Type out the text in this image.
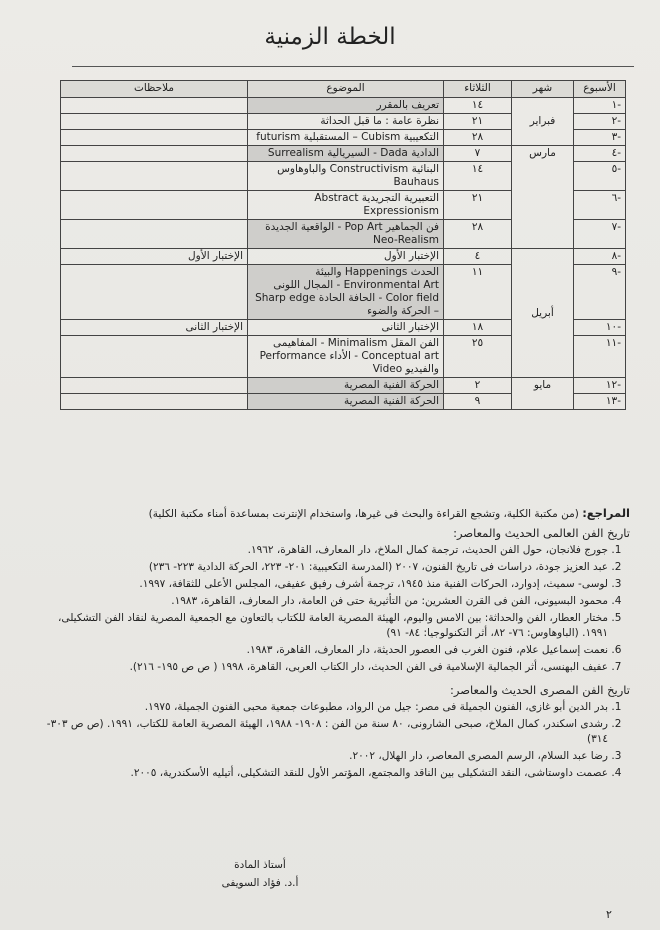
الخطة الزمنية
الأسبوع	شهر	الثلاثاء	الموضوع	ملاحظات
-١	فبراير	١٤	تعريف بالمقرر	
-٢		٢١	نظرة عامة : ما قبل الحداثة	
-٣		٢٨	التكعيبية Cubism – المستقبلية futurism	
-٤	مارس	٧	الدادية Dada - السيريالية Surrealism	
-٥		١٤	البنائية Constructivism والباوهاوس Bauhaus	
-٦		٢١	التعبيرية التجريدية Abstract Expressionism	
-٧		٢٨	فن الجماهير Pop Art - الواقعية الجديدة Neo-Realism	
-٨	أبريل	٤	الإختبار الأول	الإختبار الأول
-٩		١١	الحدث Happenings والبيئة Environmental Art - المجال اللونى Color field - الحافة الحادة Sharp edge – الحركة والضوء	
-١٠		١٨	الإختبار الثانى	الإختبار الثانى
-١١		٢٥	الفن المقل Minimalism - المفاهيمى Conceptual art - الأداء Performance والفيديو Video	
-١٢	مايو	٢	الحركة الفنية المصرية	
-١٣		٩	الحركة الفنية المصرية	
المراجع: (من مكتبة الكلية، وتشجع القراءة والبحث فى غيرها، واستخدام الإنترنت بمساعدة أمناء مكتبة الكلية)
تاريخ الفن العالمى الحديث والمعاصر:
1. جورج فلانجان، حول الفن الحديث، ترجمة كمال الملاخ، دار المعارف، القاهرة، ١٩٦٢.
2. عبد العزيز جودة، دراسات فى تاريخ الفنون، ٢٠٠٧ (المدرسة التكعيبية: ٢٠١- ٢٢٣، الحركة الدادية ٢٢٣- ٢٣٦)
3. لوسى- سميث، إدوارد، الحركات الفنية منذ ١٩٤٥، ترجمة أشرف رفيق عفيفى، المجلس الأعلى للثقافة، ١٩٩٧.
4. محمود البسيونى، الفن فى القرن العشرين: من التأثيرية حتى فن العامة، دار المعارف، القاهرة، ١٩٨٣.
5. مختار العطار، الفن والحداثة: بين الامس واليوم، الهيئة المصرية العامة للكتاب بالتعاون مع الجمعية المصرية لنقاد الفن التشكيلى، ١٩٩١. (الباوهاوس: ٧٦- ٨٢، أثر التكنولوجيا: ٨٤- ٩١)
6. نعمت إسماعيل علام، فنون الغرب فى العصور الحديثة، دار المعارف، القاهرة، ١٩٨٣.
7. عفيف البهنسى، أثر الجمالية الإسلامية فى الفن الحديث، دار الكتاب العربى، القاهرة، ١٩٩٨ ( ص ص ١٩٥- ٢١٦).
تاريخ الفن المصرى الحديث والمعاصر:
1. بدر الدين أبو غازى، الفنون الجميلة فى مصر: جيل من الرواد، مطبوعات جمعية محبى الفنون الجميلة، ١٩٧٥.
2. رشدى اسكندر، كمال الملاخ، صبحى الشارونى، ٨٠ سنة من الفن : ١٩٠٨- ١٩٨٨، الهيئة المصرية العامة للكتاب، ١٩٩١. (ص ص ٣٠٣- ٣١٤)
3. رضا عبد السلام، الرسم المصرى المعاصر، دار الهلال، ٢٠٠٢.
4. عصمت داوستاشى، النقد التشكيلى بين الناقد والمجتمع، المؤتمر الأول للنقد التشكيلى، أتيليه الأسكندرية، ٢٠٠٥.
أستاذ المادة
أ.د. فؤاد السويفى
٢
